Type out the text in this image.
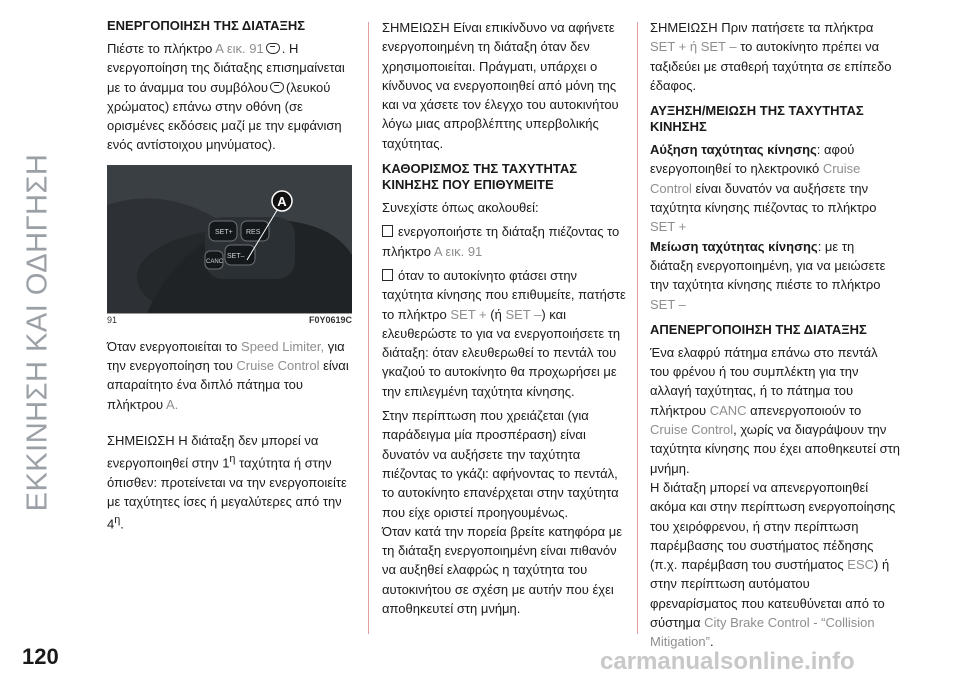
ΕΚΚΙΝΗΣΗ ΚΑΙ ΟΔΗΓΗΣΗ
ΕΝΕΡΓΟΠΟΙΗΣΗ ΤΗΣ ΔΙΑΤΑΞΗΣ
Πιέστε το πλήκτρο Α εικ. 91 . Η ενεργοποίηση της διάταξης επισημαίνεται με το άναμμα του συμβόλου (λευκού χρώματος) επάνω στην οθόνη (σε ορισμένες εκδόσεις μαζί με την εμφάνιση ενός αντίστοιχου μηνύματος).
SET+ RES
SET–
CANC
A
91	F0Y0619C
Όταν ενεργοποιείται το Speed Limiter, για την ενεργοποίηση του Cruise Control είναι απαραίτητο ένα διπλό πάτημα του πλήκτρου Α.
ΣΗΜΕΙΩΣΗ Η διάταξη δεν μπορεί να ενεργοποιηθεί στην $1^\eta$ ταχύτητα ή στην όπισθεν: προτείνεται να την ενεργοποιείτε με ταχύτητες ίσες ή μεγαλύτερες από την $4^\eta$.
ΣΗΜΕΙΩΣΗ Είναι επικίνδυνο να αφήνετε ενεργοποιημένη τη διάταξη όταν δεν χρησιμοποιείται. Πράγματι, υπάρχει ο κίνδυνος να ενεργοποιηθεί από μόνη της και να χάσετε τον έλεγχο του αυτοκινήτου λόγω μιας απροβλέπτης υπερβολικής ταχύτητας.
ΚΑΘΟΡΙΣΜΟΣ ΤΗΣ ΤΑΧΥΤΗΤΑΣ ΚΙΝΗΣΗΣ ΠΟΥ ΕΠΙΘΥΜΕΙΤΕ
Συνεχίστε όπως ακολουθεί:
ενεργοποιήστε τη διάταξη πιέζοντας το πλήκτρο Α εικ. 91
όταν το αυτοκίνητο φτάσει στην ταχύτητα κίνησης που επιθυμείτε, πατήστε το πλήκτρο SET + (ή SET –) και ελευθερώστε το για να ενεργοποιήσετε τη διάταξη: όταν ελευθερωθεί το πεντάλ του γκαζιού το αυτοκίνητο θα προχωρήσει με την επιλεγμένη ταχύτητα κίνησης.
Στην περίπτωση που χρειάζεται (για παράδειγμα μία προσπέραση) είναι δυνατόν να αυξήσετε την ταχύτητα πιέζοντας το γκάζι: αφήνοντας το πεντάλ, το αυτοκίνητο επανέρχεται στην ταχύτητα που είχε οριστεί προηγουμένως.
Όταν κατά την πορεία βρείτε κατηφόρα με τη διάταξη ενεργοποιημένη είναι πιθανόν να αυξηθεί ελαφρώς η ταχύτητα του αυτοκινήτου σε σχέση με αυτήν που έχει αποθηκευτεί στη μνήμη.
ΣΗΜΕΙΩΣΗ Πριν πατήσετε τα πλήκτρα SET + ή SET – το αυτοκίνητο πρέπει να ταξιδεύει με σταθερή ταχύτητα σε επίπεδο έδαφος.
ΑΥΞΗΣΗ/ΜΕΙΩΣΗ ΤΗΣ ΤΑΧΥΤΗΤΑΣ ΚΙΝΗΣΗΣ
Αύξηση ταχύτητας κίνησης: αφού ενεργοποιηθεί το ηλεκτρονικό Cruise Control είναι δυνατόν να αυξήσετε την ταχύτητα κίνησης πιέζοντας το πλήκτρο SET +
Μείωση ταχύτητας κίνησης: με τη διάταξη ενεργοποιημένη, για να μειώσετε την ταχύτητα κίνησης πιέστε το πλήκτρο SET –
ΑΠΕΝΕΡΓΟΠΟΙΗΣΗ ΤΗΣ ΔΙΑΤΑΞΗΣ
Ένα ελαφρύ πάτημα επάνω στο πεντάλ του φρένου ή του συμπλέκτη για την αλλαγή ταχύτητας, ή το πάτημα του πλήκτρου CANC απενεργοποιούν το Cruise Control, χωρίς να διαγράψουν την ταχύτητα κίνησης που έχει αποθηκευτεί στη μνήμη.
Η διάταξη μπορεί να απενεργοποιηθεί ακόμα και στην περίπτωση ενεργοποίησης του χειρόφρενου, ή στην περίπτωση παρέμβασης του συστήματος πέδησης (π.χ. παρέμβαση του συστήματος ESC) ή στην περίπτωση αυτόματου φρεναρίσματος που κατευθύνεται από το σύστημα City Brake Control - “Collision Mitigation”.
120	carmanualsonline.info
